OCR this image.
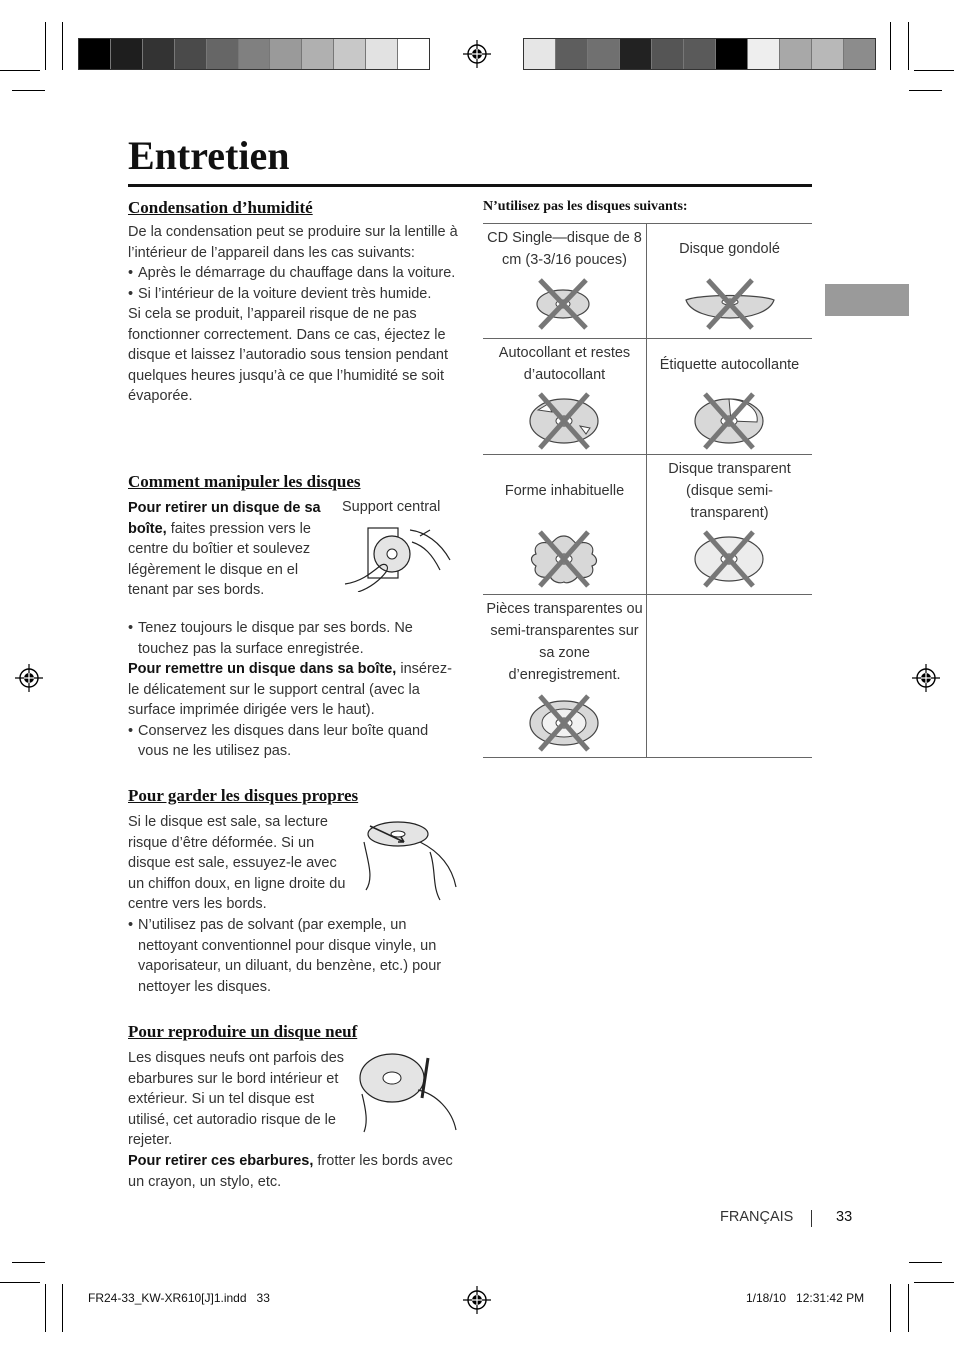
Entretien
Condensation d’humidité

De la condensation peut se produire sur la lentille à l’intérieur de l’appareil dans les cas suivants:

• Après le démarrage du chauffage dans la voiture.

• Si l’intérieur de la voiture devient très humide.

Si cela se produit, l’appareil risque de ne pas fonctionner correctement. Dans ce cas, éjectez le disque et laissez l’autoradio sous tension pendant quelques heures jusqu’à ce que l’humidité se soit évaporée.

Comment manipuler les disques
Support central

Pour retirer un disque de sa boîte, faites pression vers le centre du boîtier et soulevez légèrement le disque en el tenant par ses bords.

• Tenez toujours le disque par ses bords. Ne touchez pas la surface enregistrée.

Pour remettre un disque dans sa boîte, insérez-le délicatement sur le support central (avec la surface imprimée dirigée vers le haut).

• Conservez les disques dans leur boîte quand vous ne les utilisez pas.

Pour garder les disques propres
Si le disque est sale, sa lecture risque d’être déformée. Si un disque est sale, essuyez-le avec un chiffon doux, en ligne droite du centre vers les bords.

• N’utilisez pas de solvant (par exemple, un nettoyant conventionnel pour disque vinyle, un vaporisateur, un diluant, du benzène, etc.) pour nettoyer les disques.

Pour reproduire un disque neuf
Les disques neufs ont parfois des ebarbures sur le bord intérieur et extérieur. Si un tel disque est utilisé, cet autoradio risque de le rejeter.

Pour retirer ces ebarbures, frotter les bords avec un crayon, un stylo, etc.

N’utilisez pas les disques suivants:
CD Single—disque de 8 cm (3-3/16 pouces)
Disque gondolé
Autocollant et restes d’autocollant
Étiquette autocollante
Forme inhabituelle
Disque transparent (disque semi-transparent)
Pièces transparentes ou semi-transparentes sur sa zone d’enregistrement.
FRANÇAIS	33
FR24-33_KW-XR610[J]1.indd   33	1/18/10   12:31:42 PM
